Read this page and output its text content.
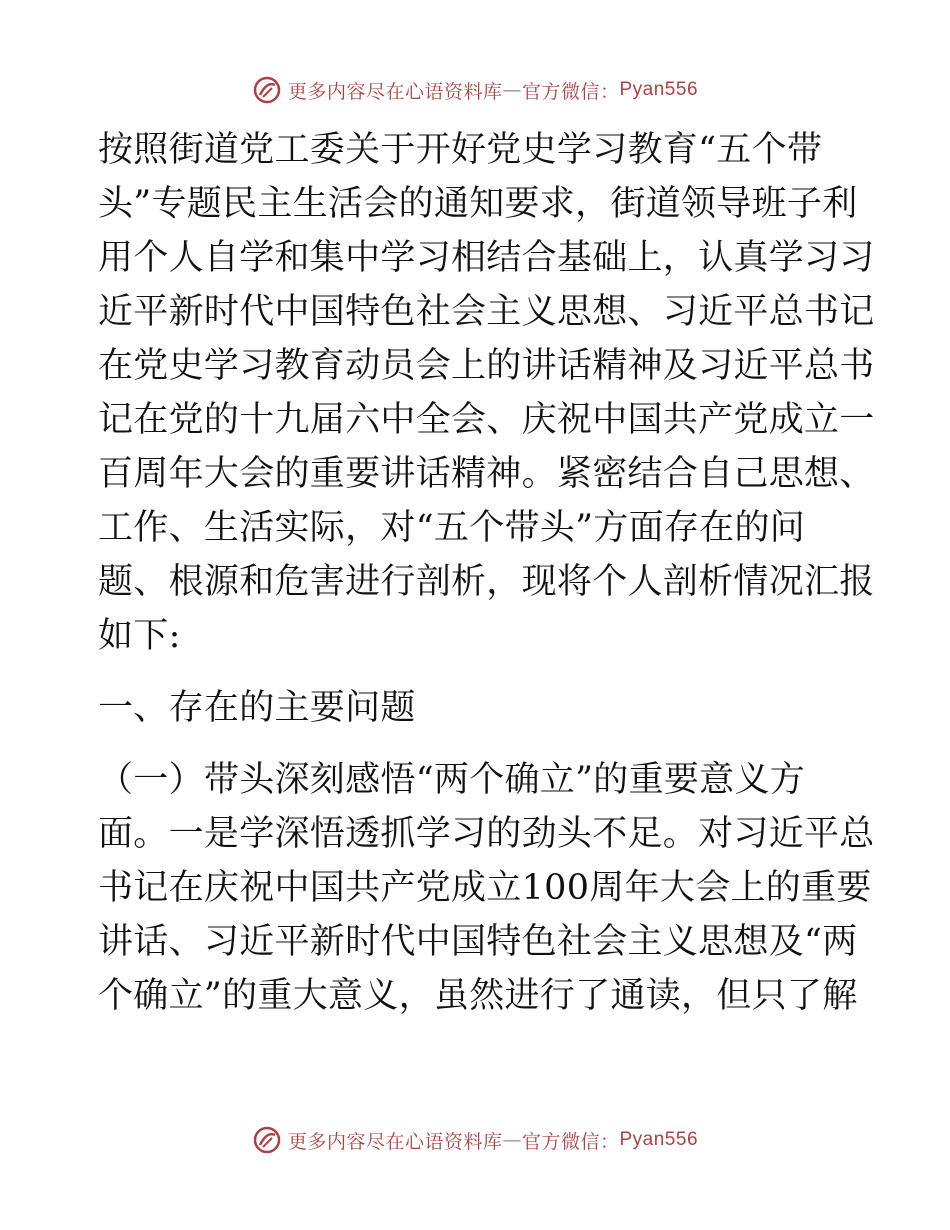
更多内容尽在心语资料库 — 官方微信： Pyan556
按照街道党工委关于开好党史学习教育“五个带
头”专题民主生活会的通知要求，街道领导班子利
用个人自学和集中学习相结合基础上，认真学习习
近平新时代中国特色社会主义思想、习近平总书记
在党史学习教育动员会上的讲话精神及习近平总书
记在党的十九届六中全会、庆祝中国共产党成立一
百周年大会的重要讲话精神。紧密结合自己思想、
工作、生活实际，对“五个带头”方面存在的问
题、根源和危害进行剖析，现将个人剖析情况汇报
如下:
一、存在的主要问题
（一）带头深刻感悟“两个确立”的重要意义方
面。一是学深悟透抓学习的劲头不足。对习近平总
书记在庆祝中国共产党成立100周年大会上的重要
讲话、习近平新时代中国特色社会主义思想及“两
个确立”的重大意义，虽然进行了通读，但只了解
更多内容尽在心语资料库 — 官方微信： Pyan556
